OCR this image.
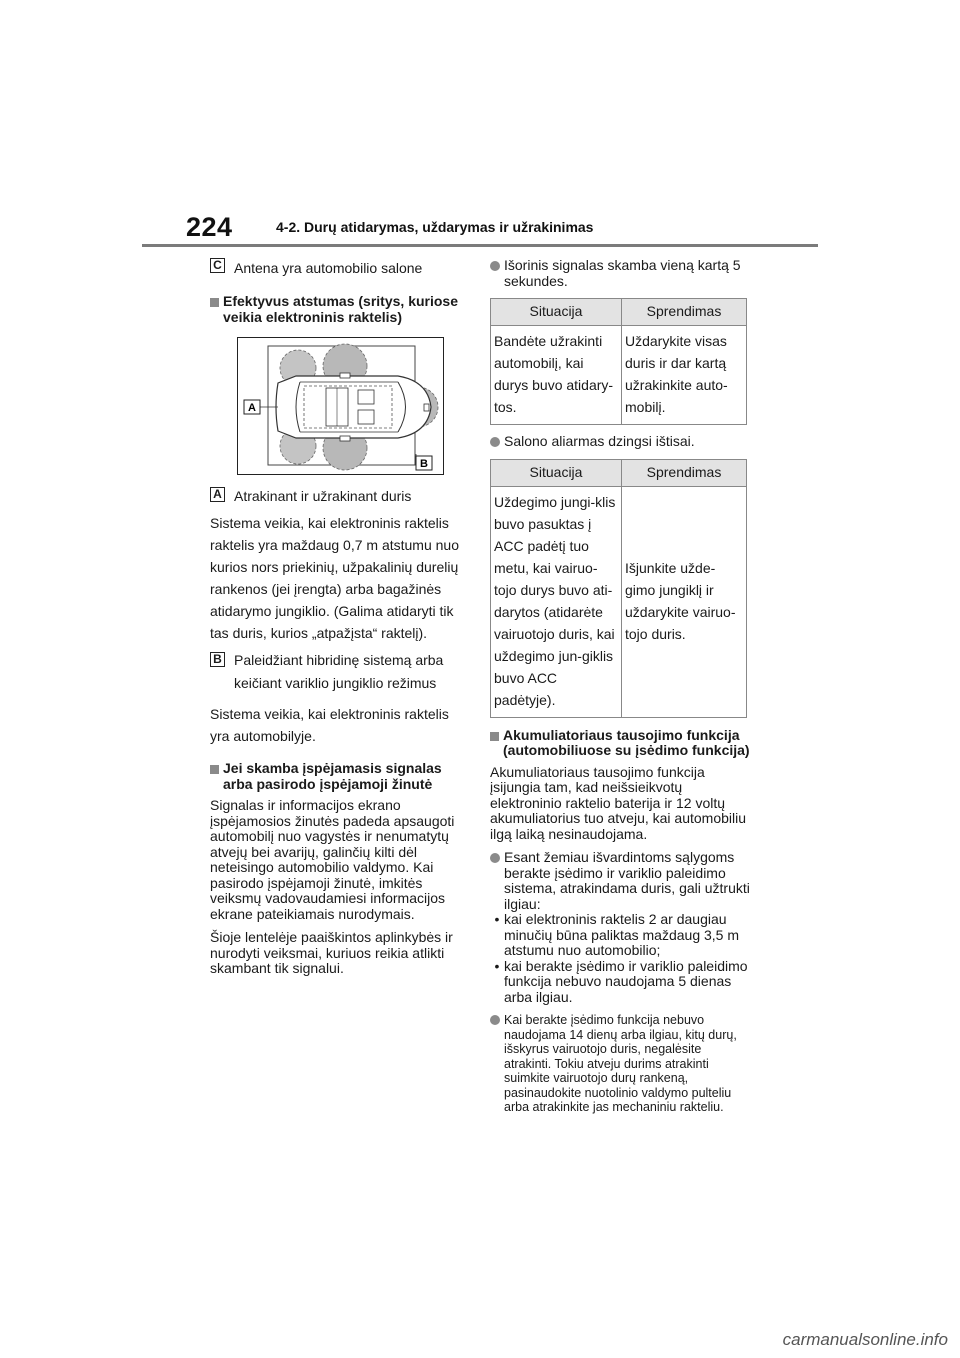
224	4-2. Durų atidarymas, uždarymas ir užrakinimas
C Antena yra automobilio salone
Efektyvus atstumas (sritys, kuriose veikia elektroninis raktelis)
A
B
A Atrakinant ir užrakinant duris

Sistema veikia, kai elektroninis raktelis raktelis yra maždaug 0,7 m atstumu nuo kurios nors priekinių, užpakalinių durelių rankenos (jei įrengta) arba bagažinės atidarymo jungiklio. (Galima atidaryti tik tas duris, kurios „atpažįsta“ raktelį).

B Paleidžiant hibridinę sistemą arba keičiant variklio jungiklio režimus

Sistema veikia, kai elektroninis raktelis yra automobilyje.

Jei skamba įspėjamasis signalas arba pasirodo įspėjamoji žinutė

Signalas ir informacijos ekrano įspėjamosios žinutės padeda apsaugoti automobilį nuo vagystės ir nenumatytų atvejų bei avarijų, galinčių kilti dėl neteisingo automobilio valdymo. Kai pasirodo įspėjamoji žinutė, imkitės veiksmų vadovaudamiesi informacijos ekrane pateikiamais nurodymais.

Šioje lentelėje paaiškintos aplinkybės ir nurodyti veiksmai, kuriuos reikia atlikti skambant tik signalui.

Išorinis signalas skamba vieną kartą 5 sekundes.
Situacija	Sprendimas
Bandėte užrakinti automobilį, kai durys buvo atidary-tos.	Uždarykite visas duris ir dar kartą užrakinkite auto-mobilį.
Salono aliarmas dzingsi ištisai.
Situacija	Sprendimas
Uždegimo jungi-klis buvo pasuktas į ACC padėtį tuo metu, kai vairuo-tojo durys buvo ati-darytos (atidarėte vairuotojo duris, kai uždegimo jun-giklis buvo ACC padėtyje).	Išjunkite užde-gimo jungiklį ir uždarykite vairuo-tojo duris.
Akumuliatoriaus tausojimo funkcija (automobiliuose su įsėdimo funkcija)

Akumuliatoriaus tausojimo funkcija įsijungia tam, kad neišsieikvotų elektroninio raktelio baterija ir 12 voltų akumuliatorius tuo atveju, kai automobiliu ilgą laiką nesinaudojama.

Esant žemiau išvardintoms sąlygoms berakte įsėdimo ir variklio paleidimo sistema, atrakindama duris, gali užtrukti ilgiau:
• kai elektroninis raktelis 2 ar daugiau minučių būna paliktas maždaug 3,5 m atstumu nuo automobilio;
• kai berakte įsėdimo ir variklio paleidimo funkcija nebuvo naudojama 5 dienas arba ilgiau.
Kai berakte įsėdimo funkcija nebuvo naudojama 14 dienų arba ilgiau, kitų durų, išskyrus vairuotojo duris, negalėsite atrakinti. Tokiu atveju durims atrakinti suimkite vairuotojo durų rankeną, pasinaudokite nuotolinio valdymo pulteliu arba atrakinkite jas mechaniniu rakteliu.
carmanualsonline.info
